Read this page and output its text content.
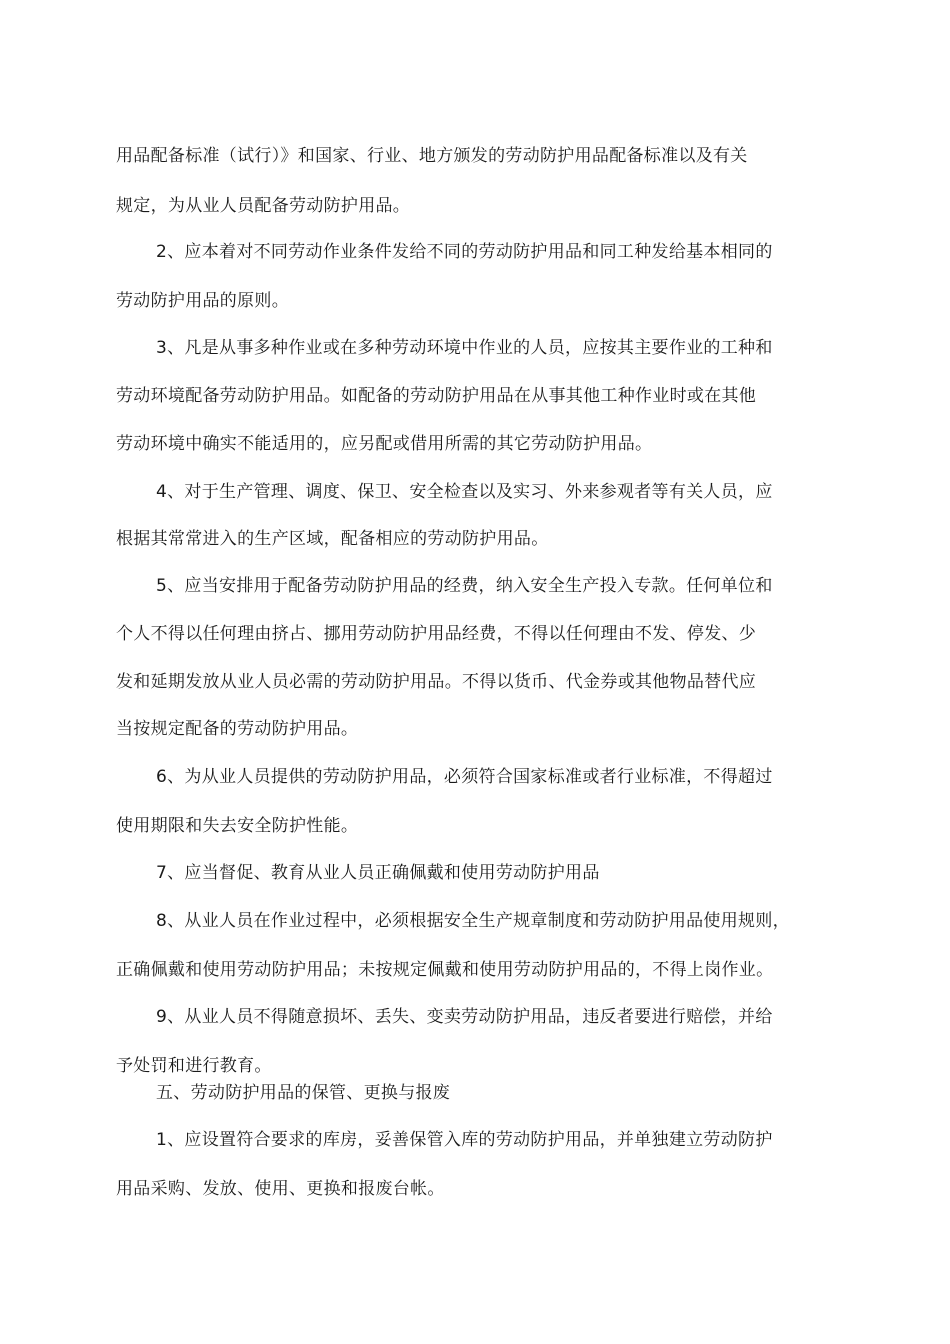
用品配备标准（试行）》和国家、行业、地方颁发的劳动防护用品配备标准以及有关
规定，为从业人员配备劳动防护用品。
2、应本着对不同劳动作业条件发给不同的劳动防护用品和同工种发给基本相同的
劳动防护用品的原则。
3、凡是从事多种作业或在多种劳动环境中作业的人员，应按其主要作业的工种和
劳动环境配备劳动防护用品。如配备的劳动防护用品在从事其他工种作业时或在其他
劳动环境中确实不能适用的，应另配或借用所需的其它劳动防护用品。
4、对于生产管理、调度、保卫、安全检查以及实习、外来参观者等有关人员，应
根据其常常进入的生产区域，配备相应的劳动防护用品。
5、应当安排用于配备劳动防护用品的经费，纳入安全生产投入专款。任何单位和
个人不得以任何理由挤占、挪用劳动防护用品经费，不得以任何理由不发、停发、少
发和延期发放从业人员必需的劳动防护用品。不得以货币、代金券或其他物品替代应
当按规定配备的劳动防护用品。
6、为从业人员提供的劳动防护用品，必须符合国家标准或者行业标准，不得超过
使用期限和失去安全防护性能。
7、应当督促、教育从业人员正确佩戴和使用劳动防护用品
8、从业人员在作业过程中，必须根据安全生产规章制度和劳动防护用品使用规则，
正确佩戴和使用劳动防护用品；未按规定佩戴和使用劳动防护用品的，不得上岗作业。
9、从业人员不得随意损坏、丢失、变卖劳动防护用品，违反者要进行赔偿，并给
予处罚和进行教育。
五、劳动防护用品的保管、更换与报废
1、应设置符合要求的库房，妥善保管入库的劳动防护用品，并单独建立劳动防护
用品采购、发放、使用、更换和报废台帐。
